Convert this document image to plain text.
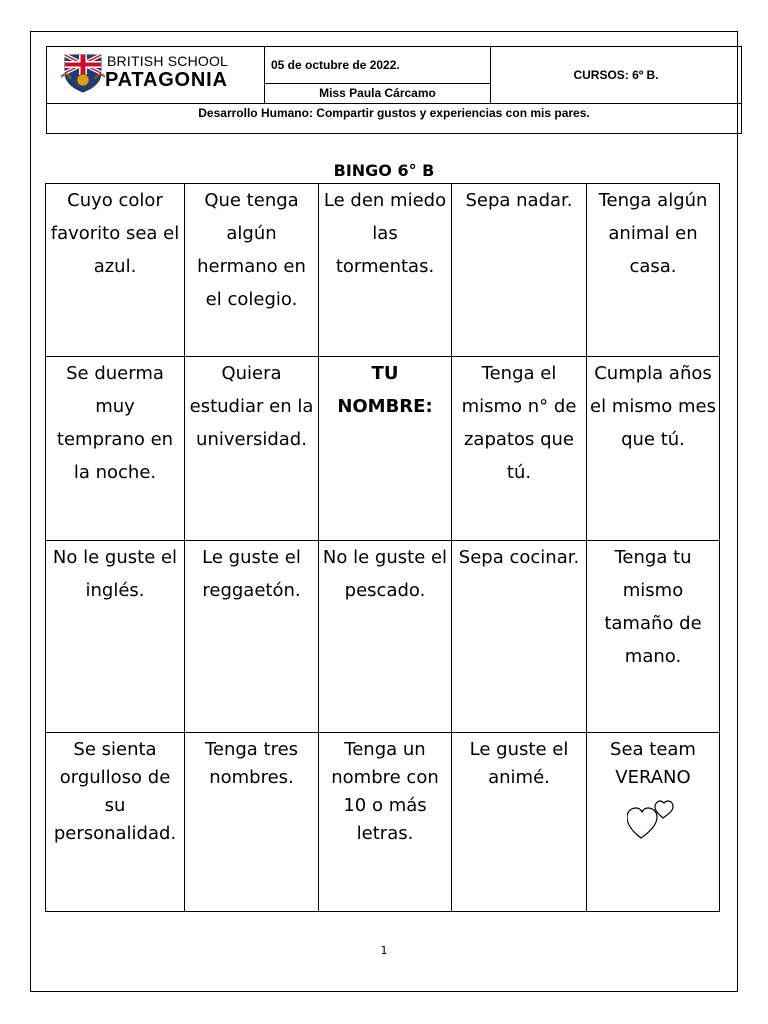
BRITISH SCHOOL
PATAGONIA
05 de octubre de 2022.
Miss Paula Cárcamo
CURSOS: 6º B.
Desarrollo Humano: Compartir gustos y experiencias con mis pares.
BINGO 6° B
Cuyo color favorito sea el azul.	Que tenga algún hermano en el colegio.	Le den miedo las tormentas.	Sepa nadar.	Tenga algún animal en casa.
Se duerma muy temprano en la noche.	Quiera estudiar en la universidad.	TU NOMBRE:	Tenga el mismo n° de zapatos que tú.	Cumpla años el mismo mes que tú.
No le guste el inglés.	Le guste el reggaetón.	No le guste el pescado.	Sepa cocinar.	Tenga tu mismo tamaño de mano.
Se sienta orgulloso de su personalidad.	Tenga tres nombres.	Tenga un nombre con 10 o más letras.	Le guste el animé.	Sea team VERANO
1
